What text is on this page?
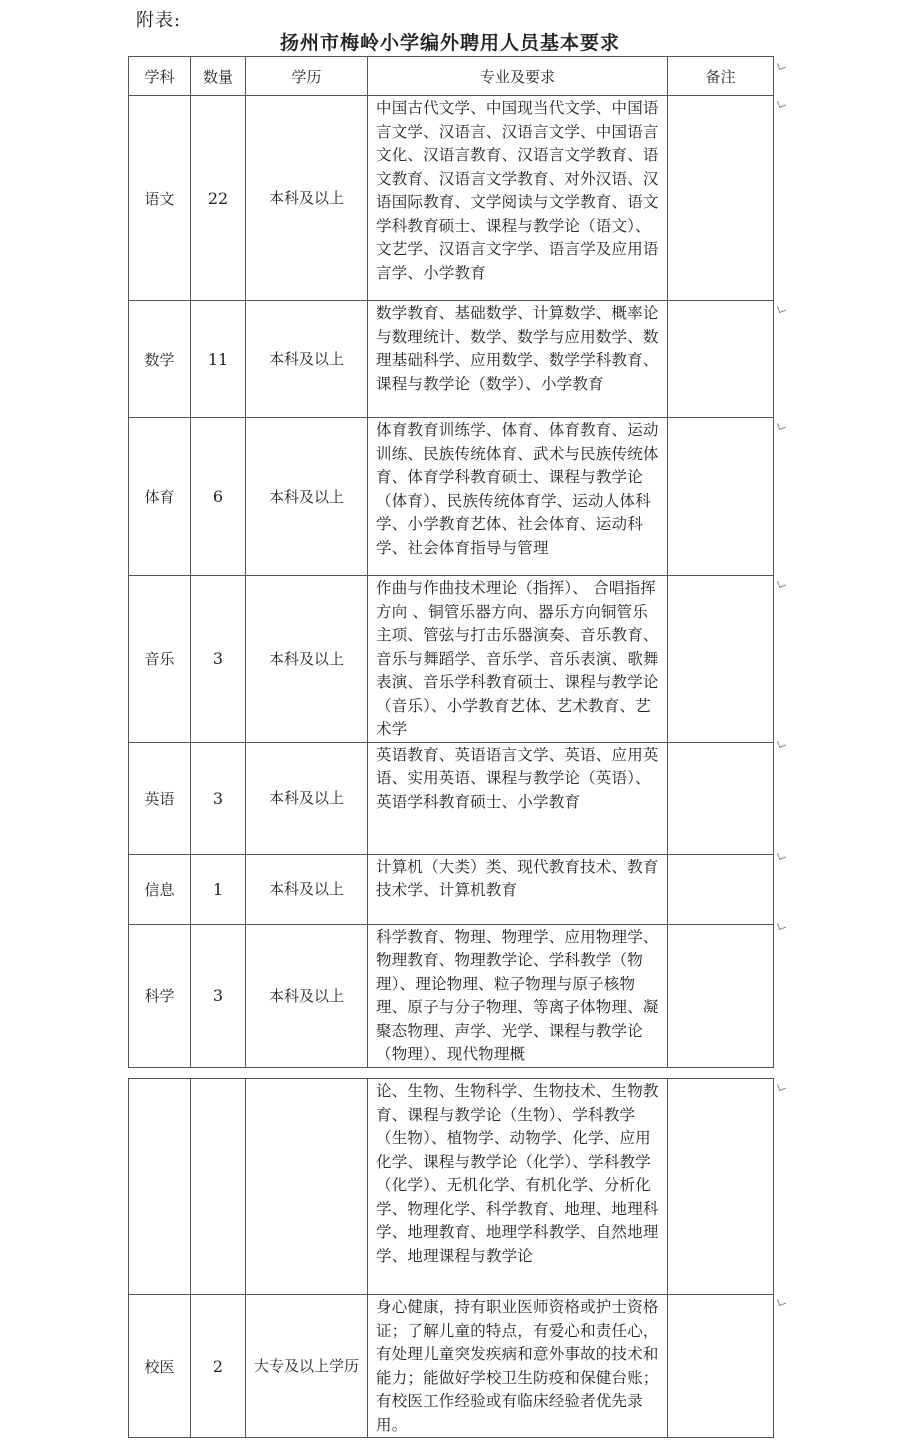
附表:
扬州市梅岭小学编外聘用人员基本要求
学科	数量	学历	专业及要求	备注
语文	22	本科及以上	中国古代文学、中国现当代文学、中国语言文学、汉语言、汉语言文学、中国语言文化、汉语言教育、汉语言文学教育、语文教育、汉语言文学教育、对外汉语、汉语国际教育、文学阅读与文学教育、语文学科教育硕士、课程与教学论（语文）、文艺学、汉语言文字学、语言学及应用语言学、小学教育	
数学	11	本科及以上	数学教育、基础数学、计算数学、概率论与数理统计、数学、数学与应用数学、数理基础科学、应用数学、数学学科教育、课程与教学论（数学）、小学教育	
体育	6	本科及以上	体育教育训练学、体育、体育教育、运动训练、民族传统体育、武术与民族传统体育、体育学科教育硕士、课程与教学论（体育）、民族传统体育学、运动人体科学、小学教育艺体、社会体育、运动科学、社会体育指导与管理	
音乐	3	本科及以上	作曲与作曲技术理论（指挥）、 合唱指挥方向 、铜管乐器方向、器乐方向铜管乐主项、管弦与打击乐器演奏、音乐教育、音乐与舞蹈学、音乐学、音乐表演、歌舞表演、音乐学科教育硕士、课程与教学论（音乐）、小学教育艺体、艺术教育、艺术学	
英语	3	本科及以上	英语教育、英语语言文学、英语、应用英语、实用英语、课程与教学论（英语）、英语学科教育硕士、小学教育	
信息	1	本科及以上	计算机（大类）类、现代教育技术、教育技术学、计算机教育	
科学	3	本科及以上	科学教育、物理、物理学、应用物理学、物理教育、物理教学论、学科教学（物理）、理论物理、粒子物理与原子核物理、原子与分子物理、等离子体物理、凝聚态物理、声学、光学、课程与教学论（物理）、现代物理概	
			论、生物、生物科学、生物技术、生物教育、课程与教学论（生物）、学科教学（生物）、植物学、动物学、化学、应用化学、课程与教学论（化学）、学科教学（化学）、无机化学、有机化学、分析化学、物理化学、科学教育、地理、地理科学、地理教育、地理学科教学、自然地理学、地理课程与教学论	
校医	2	大专及以上学历	身心健康，持有职业医师资格或护士资格证；了解儿童的特点，有爱心和责任心，有处理儿童突发疾病和意外事故的技术和能力；能做好学校卫生防疫和保健台账；有校医工作经验或有临床经验者优先录用。	
